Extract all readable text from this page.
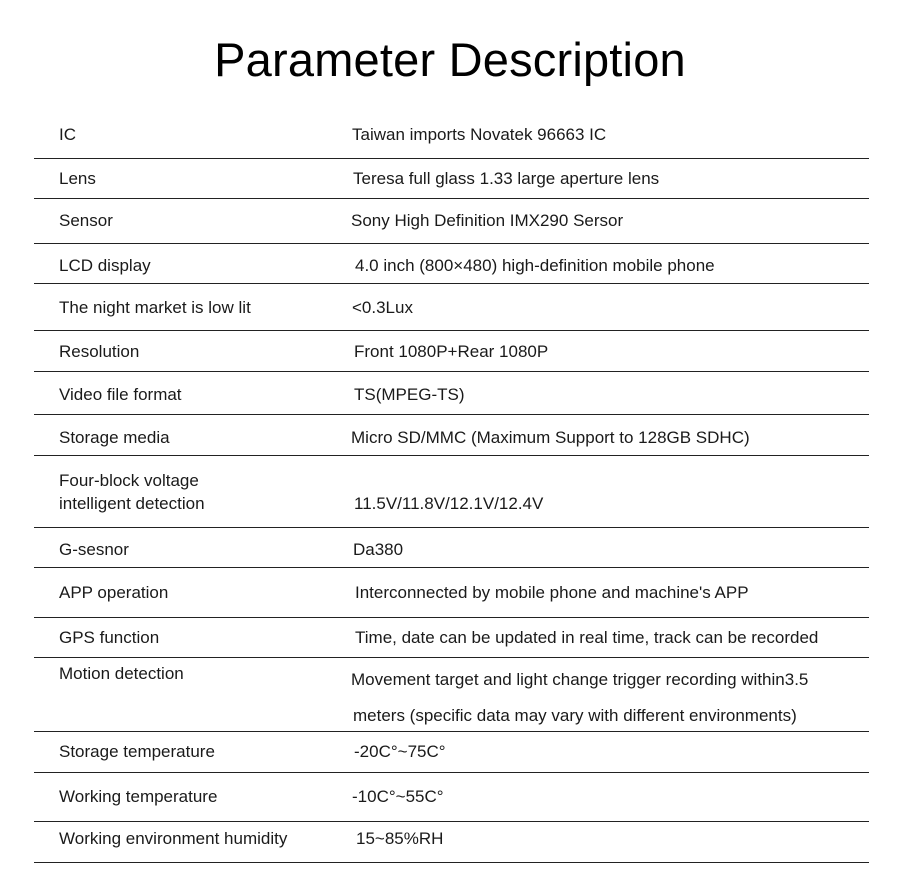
Parameter Description
IC	Taiwan imports Novatek 96663 IC
Lens	Teresa full glass 1.33 large aperture lens
Sensor	Sony High Definition IMX290 Sersor
LCD display	4.0 inch (800×480) high-definition mobile phone
The night market is low lit	<0.3Lux
Resolution	Front 1080P+Rear 1080P
Video file format	TS(MPEG-TS)
Storage media	Micro SD/MMC (Maximum Support to 128GB SDHC)
Four-block voltage
intelligent detection	11.5V/11.8V/12.1V/12.4V
G-sesnor	Da380
APP operation	Interconnected by mobile phone and machine's APP
GPS function	Time, date can be updated in real time, track can be recorded
Motion detection	Movement target and light change trigger recording within3.5
meters (specific data may vary with different environments)
Storage temperature	-20C°~75C°
Working temperature	-10C°~55C°
Working environment humidity	15~85%RH
